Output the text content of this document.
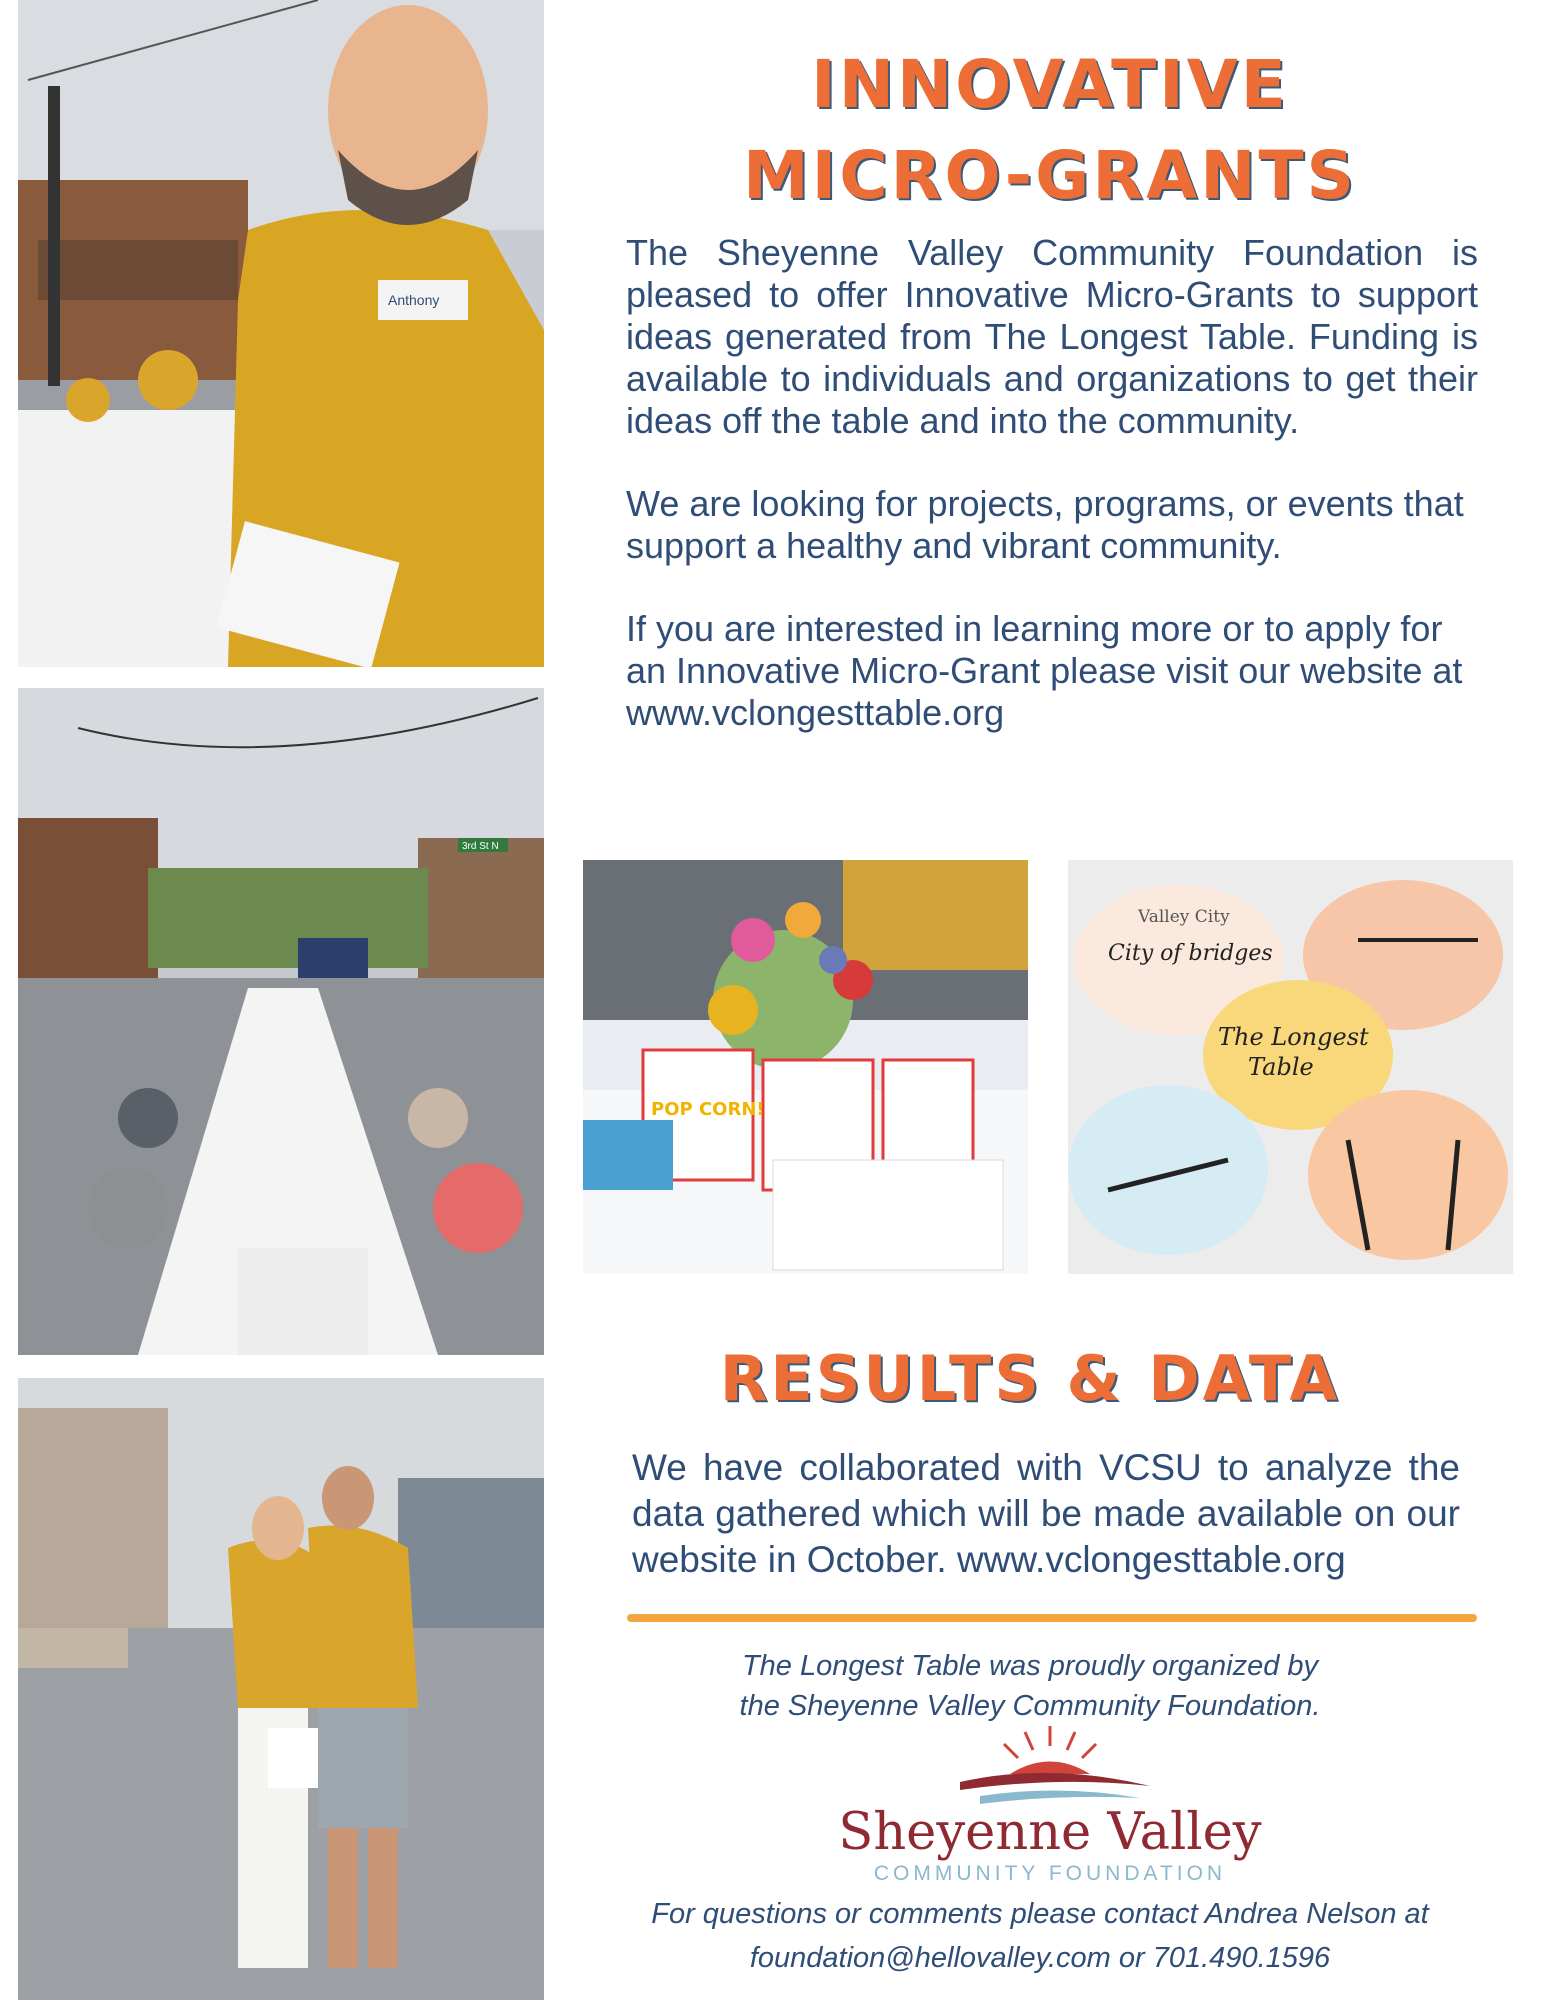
Anthony
3rd St N
POP CORN!
Valley City
City of bridges
The Longest
Table
INNOVATIVE
MICRO-GRANTS

The Sheyenne Valley Community Foundation is pleased to offer Innovative Micro-Grants to support ideas generated from The Longest Table. Funding is available to individuals and organizations to get their ideas off the table and into the community.

We are looking for projects, programs, or events that support a healthy and vibrant community.

If you are interested in learning more or to apply for an Innovative Micro-Grant please visit our website at www.vclongesttable.org

RESULTS & DATA

We have collaborated with VCSU to analyze the data gathered which will be made available on our website in October. www.vclongesttable.org

The Longest Table was proudly organized by
the Sheyenne Valley Community Foundation.
Sheyenne Valley
COMMUNITY FOUNDATION
For questions or comments please contact Andrea Nelson at
foundation@hellovalley.com or 701.490.1596
